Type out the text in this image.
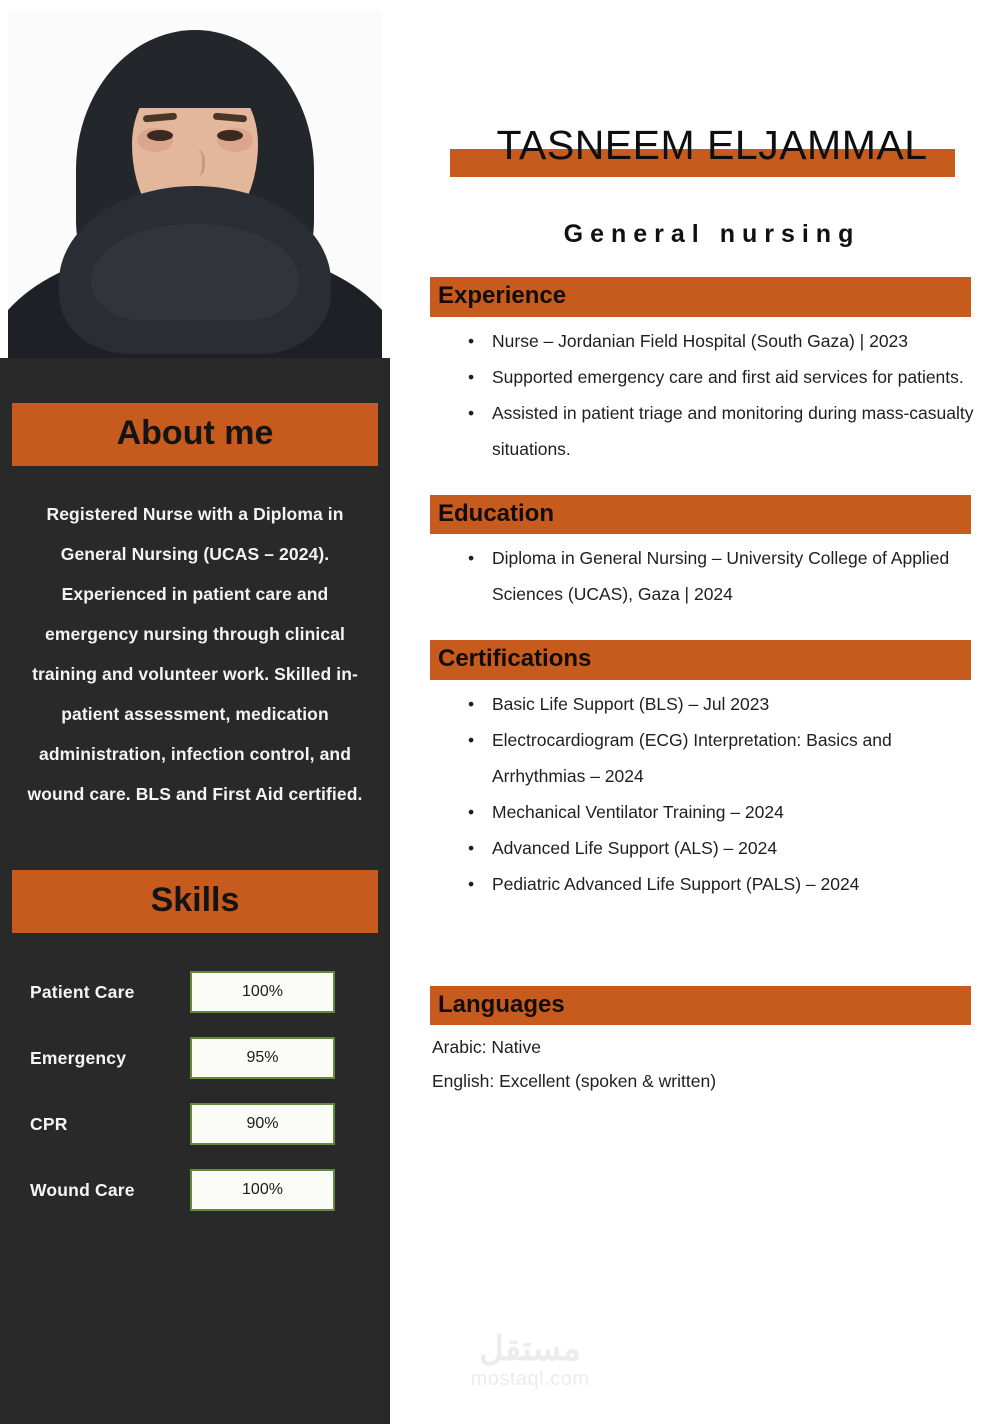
About me
Registered Nurse with a Diploma in General Nursing (UCAS – 2024). Experienced in patient care and emergency nursing through clinical training and volunteer work. Skilled in-patient assessment, medication administration, infection control, and wound care. BLS and First Aid certified.
Skills
Patient Care	100%
Emergency	95%
CPR	90%
Wound Care	100%
TASNEEM ELJAMMAL
General nursing
Experience
• Nurse – Jordanian Field Hospital (South Gaza) | 2023
• Supported emergency care and first aid services for patients.
• Assisted in patient triage and monitoring during mass-casualty situations.
Education
• Diploma in General Nursing – University College of Applied Sciences (UCAS), Gaza | 2024
Certifications
• Basic Life Support (BLS) – Jul 2023
• Electrocardiogram (ECG) Interpretation: Basics and Arrhythmias – 2024
• Mechanical Ventilator Training – 2024
• Advanced Life Support (ALS) – 2024
• Pediatric Advanced Life Support (PALS) – 2024
Languages
Arabic: Native
English: Excellent (spoken & written)
مستقل
mostaql.com
